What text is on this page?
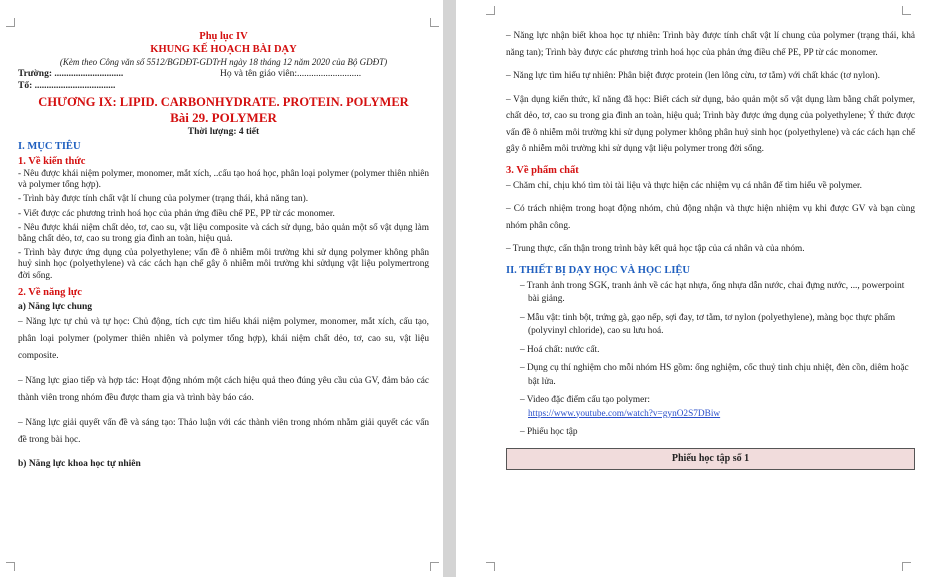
Phụ lục IV
KHUNG KẾ HOẠCH BÀI DẠY
(Kèm theo Công văn số 5512/BGDĐT-GDTrH ngày 18 tháng 12 năm 2020 của Bộ GDĐT)
Trường: .............................	Họ và tên giáo viên:...........................
Tổ: ..................................
CHƯƠNG IX: LIPID. CARBONHYDRATE. PROTEIN. POLYMER
Bài 29. POLYMER
Thời lượng: 4 tiết
I. MỤC TIÊU
1. Về kiến thức
- Nêu được khái niệm polymer, monomer, mắt xích, ..cấu tạo hoá học, phân loại polymer (polymer thiên nhiên và polymer tổng hợp).
- Trình bày được tính chất vật lí chung của polymer (trạng thái, khả năng tan).
- Viết được các phương trình hoá học của phản ứng điều chế PE, PP từ các monomer.
- Nêu được khái niệm chất dẻo, tơ, cao su, vật liệu composite và cách sử dụng, bảo quản một số vật dụng làm bằng chất dẻo, tơ, cao su trong gia đình an toàn, hiệu quả.
- Trình bày được ứng dụng của polyethylene; vấn đề ô nhiễm môi trường khi sử dụng polymer không phân huỷ sinh học (polyethylene) và các cách hạn chế gây ô nhiễm môi trường khi sửdụng vật liệu polymertrong đời sống.
2. Về năng lực
a) Năng lực chung
– Năng lực tự chủ và tự học: Chủ động, tích cực tìm hiểu khái niệm polymer, monomer, mắt xích, cấu tạo, phân loại polymer (polymer thiên nhiên và polymer tổng hợp), khái niệm chất dẻo, tơ, cao su, vật liệu composite.
– Năng lực giao tiếp và hợp tác: Hoạt động nhóm một cách hiệu quả theo đúng yêu cầu của GV, đảm bảo các thành viên trong nhóm đều được tham gia và trình bày báo cáo.
– Năng lực giải quyết vấn đề và sáng tạo: Thảo luận với các thành viên trong nhóm nhằm giải quyết các vấn đề trong bài học.
b) Năng lực khoa học tự nhiên
– Năng lực nhận biết khoa học tự nhiên: Trình bày được tính chất vật lí chung của polymer (trạng thái, khả năng tan); Trình bày được các phương trình hoá học của phản ứng điều chế PE, PP từ các monomer.
– Năng lực tìm hiểu tự nhiên: Phân biệt được protein (len lông cừu, tơ tằm) với chất khác (tơ nylon).
– Vận dụng kiến thức, kĩ năng đã học: Biết cách sử dụng, bảo quản một số vật dụng làm bằng chất polymer, chất dẻo, tơ, cao su trong gia đình an toàn, hiệu quả; Trình bày được ứng dụng của polyethylene; Ý thức được vấn đề ô nhiễm môi trường khi sử dụng polymer không phân huỷ sinh học (polyethylene) và các cách hạn chế gây ô nhiễm môi trường khi sử dụng vật liệu polymer trong đời sống.
3. Về phẩm chất
– Chăm chỉ, chịu khó tìm tòi tài liệu và thực hiện các nhiệm vụ cá nhân để tìm hiểu về polymer.
– Có trách nhiệm trong hoạt động nhóm, chủ động nhận và thực hiện nhiệm vụ khi được GV và bạn cùng nhóm phân công.
– Trung thực, cẩn thận trong trình bày kết quả học tập của cá nhân và của nhóm.
II. THIẾT BỊ DẠY HỌC VÀ HỌC LIỆU
– Tranh ảnh trong SGK, tranh ảnh về các hạt nhựa, ống nhựa dẫn nước, chai đựng nước, ..., powerpoint bài giảng.
– Mẫu vật: tinh bột, trứng gà, gạo nếp, sợi đay, tơ tằm, tơ nylon (polyethylene), màng bọc thực phẩm (polyvinyl chloride), cao su lưu hoá.
– Hoá chất: nước cất.
– Dụng cụ thí nghiệm cho mỗi nhóm HS gồm: ống nghiệm, cốc thuỷ tinh chịu nhiệt, đèn cồn, diêm hoặc bật lửa.
– Video đặc điểm cấu tạo polymer:
https://www.youtube.com/watch?v=gynO2S7DBiw
– Phiếu học tập
Phiếu học tập số 1
